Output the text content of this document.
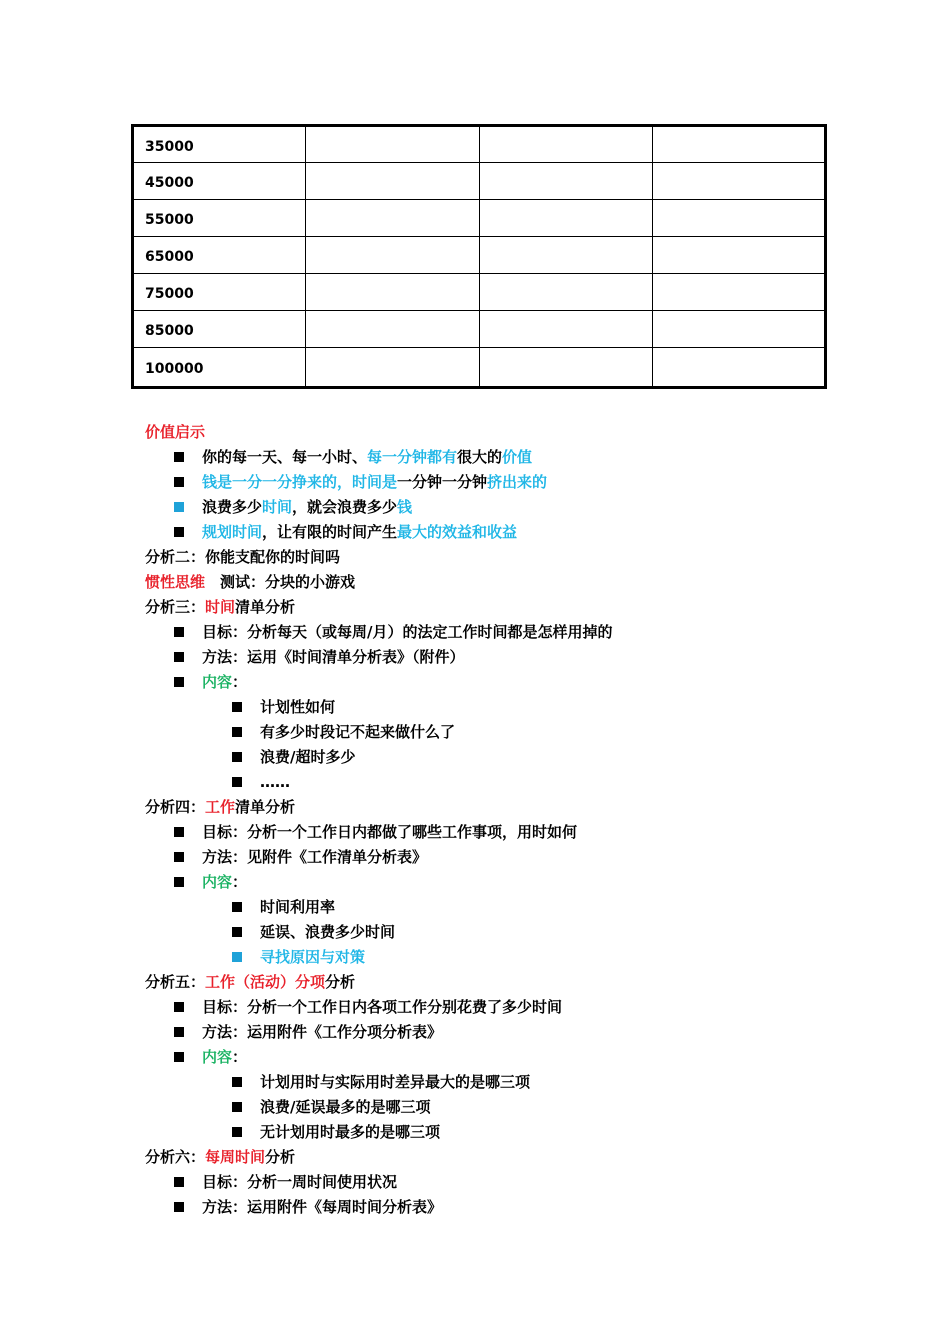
35000			
45000			
55000			
65000			
75000			
85000			
100000			
价值启示
你的每一天、每一小时、每一分钟都有很大的价值
钱是一分一分挣来的，时间是一分钟一分钟挤出来的
浪费多少时间，就会浪费多少钱
规划时间，让有限的时间产生最大的效益和收益
分析二：你能支配你的时间吗
惯性思维　测试：分块的小游戏
分析三：时间清单分析
目标：分析每天（或每周/月）的法定工作时间都是怎样用掉的
方法：运用《时间清单分析表》（附件）
内容：
计划性如何
有多少时段记不起来做什么了
浪费/超时多少
……
分析四：工作清单分析
目标：分析一个工作日内都做了哪些工作事项，用时如何
方法：见附件《工作清单分析表》
内容：
时间利用率
延误、浪费多少时间
寻找原因与对策
分析五：工作（活动）分项分析
目标：分析一个工作日内各项工作分别花费了多少时间
方法：运用附件《工作分项分析表》
内容：
计划用时与实际用时差异最大的是哪三项
浪费/延误最多的是哪三项
无计划用时最多的是哪三项
分析六：每周时间分析
目标：分析一周时间使用状况
方法：运用附件《每周时间分析表》
